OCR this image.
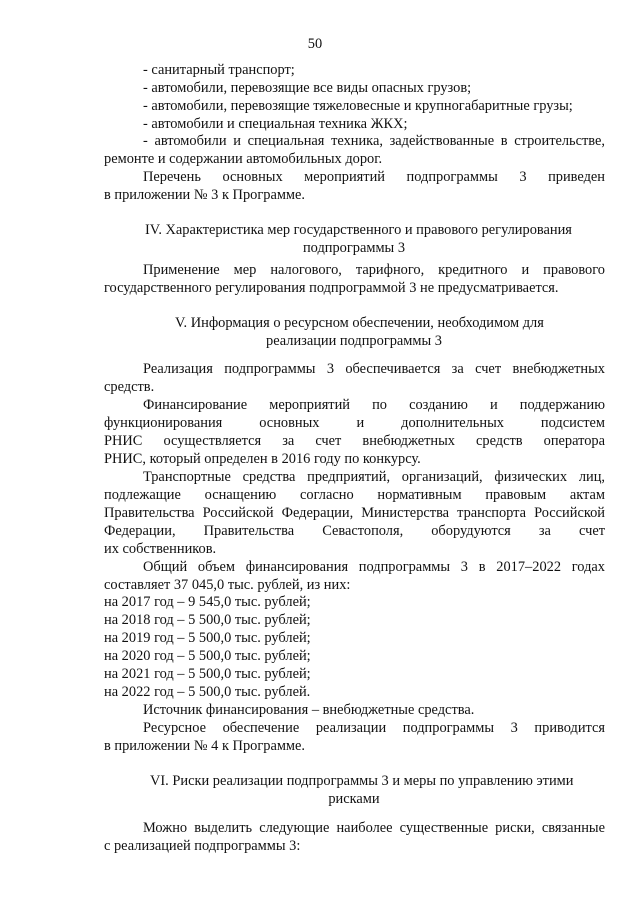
50
- санитарный транспорт;
- автомобили, перевозящие все виды опасных грузов;
- автомобили, перевозящие тяжеловесные и крупногабаритные грузы;
- автомобили и специальная техника ЖКХ;
- автомобили и специальная техника, задействованные в строительстве,
ремонте и содержании автомобильных дорог.
Перечень основных мероприятий подпрограммы 3 приведен
в приложении № 3 к Программе.
IV. Характеристика мер государственного и правового регулирования
подпрограммы 3
Применение мер налогового, тарифного, кредитного и правового
государственного регулирования подпрограммой 3 не предусматривается.
V. Информация о ресурсном обеспечении, необходимом для
реализации подпрограммы 3
Реализация подпрограммы 3 обеспечивается за счет внебюджетных
средств.
Финансирование мероприятий по созданию и поддержанию
функционирования основных и дополнительных подсистем
РНИС осуществляется за счет внебюджетных средств оператора
РНИС, который определен в 2016 году по конкурсу.
Транспортные средства предприятий, организаций, физических лиц,
подлежащие оснащению согласно нормативным правовым актам
Правительства Российской Федерации, Министерства транспорта Российской
Федерации, Правительства Севастополя, оборудуются за счет
их собственников.
Общий объем финансирования подпрограммы 3 в 2017–2022 годах
составляет 37 045,0 тыс. рублей, из них:
на 2017 год – 9 545,0 тыс. рублей;
на 2018 год – 5 500,0 тыс. рублей;
на 2019 год – 5 500,0 тыс. рублей;
на 2020 год – 5 500,0 тыс. рублей;
на 2021 год – 5 500,0 тыс. рублей;
на 2022 год – 5 500,0 тыс. рублей.
Источник финансирования – внебюджетные средства.
Ресурсное обеспечение реализации подпрограммы 3 приводится
в приложении № 4 к Программе.
VI. Риски реализации подпрограммы 3 и меры по управлению этими
рисками
Можно выделить следующие наиболее существенные риски, связанные
с реализацией подпрограммы 3:
